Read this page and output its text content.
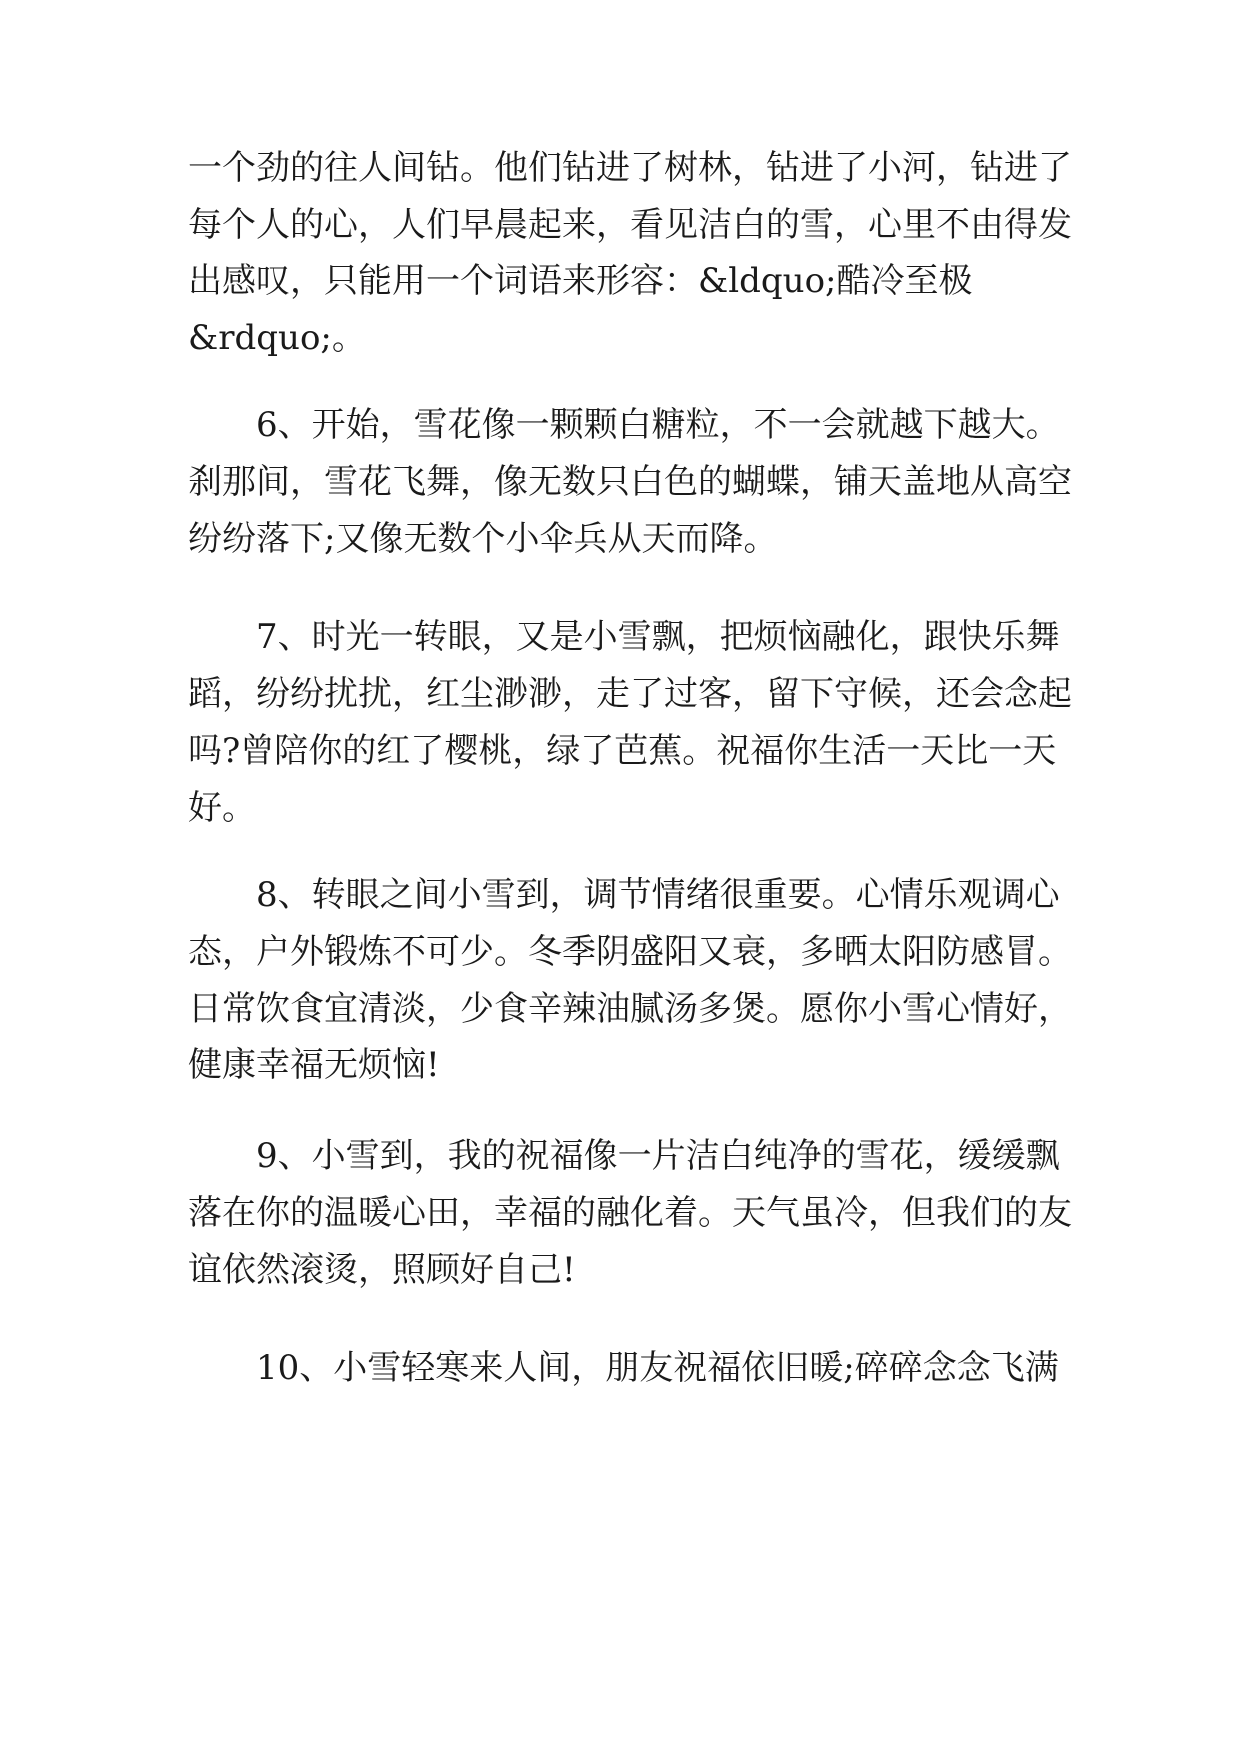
一个劲的往人间钻。他们钻进了树林，钻进了小河，钻进了
每个人的心，人们早晨起来，看见洁白的雪，心里不由得发
出感叹，只能用一个词语来形容：&ldquo;酷冷至极
&rdquo;。
6、开始，雪花像一颗颗白糖粒，不一会就越下越大。
刹那间，雪花飞舞，像无数只白色的蝴蝶，铺天盖地从高空
纷纷落下;又像无数个小伞兵从天而降。
7、时光一转眼，又是小雪飘，把烦恼融化，跟快乐舞
蹈，纷纷扰扰，红尘渺渺，走了过客，留下守候，还会念起
吗?曾陪你的红了樱桃，绿了芭蕉。祝福你生活一天比一天
好。
8、转眼之间小雪到，调节情绪很重要。心情乐观调心
态，户外锻炼不可少。冬季阴盛阳又衰，多晒太阳防感冒。
日常饮食宜清淡，少食辛辣油腻汤多煲。愿你小雪心情好，
健康幸福无烦恼!
9、小雪到，我的祝福像一片洁白纯净的雪花，缓缓飘
落在你的温暖心田，幸福的融化着。天气虽冷，但我们的友
谊依然滚烫，照顾好自己!
10、小雪轻寒来人间，朋友祝福依旧暖;碎碎念念飞满
